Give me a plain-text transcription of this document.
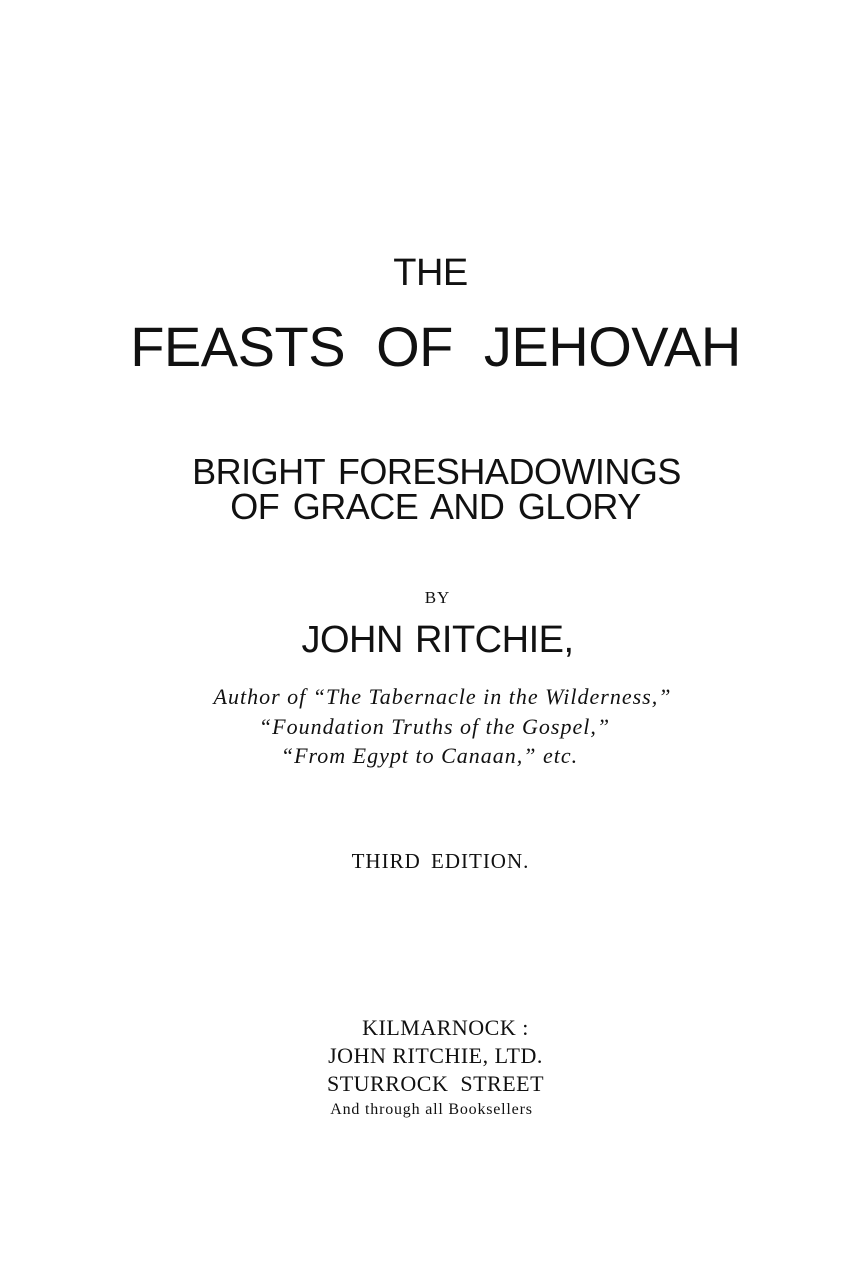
THE

FEASTS OF JEHOVAH

BRIGHT FORESHADOWINGS

OF GRACE AND GLORY

BY

JOHN RITCHIE,

Author of “The Tabernacle in the Wilderness,”

“Foundation Truths of the Gospel,”

“From Egypt to Canaan,” etc.

THIRD EDITION.

KILMARNOCK :

JOHN RITCHIE, LTD.

STURROCK STREET

And through all Booksellers
